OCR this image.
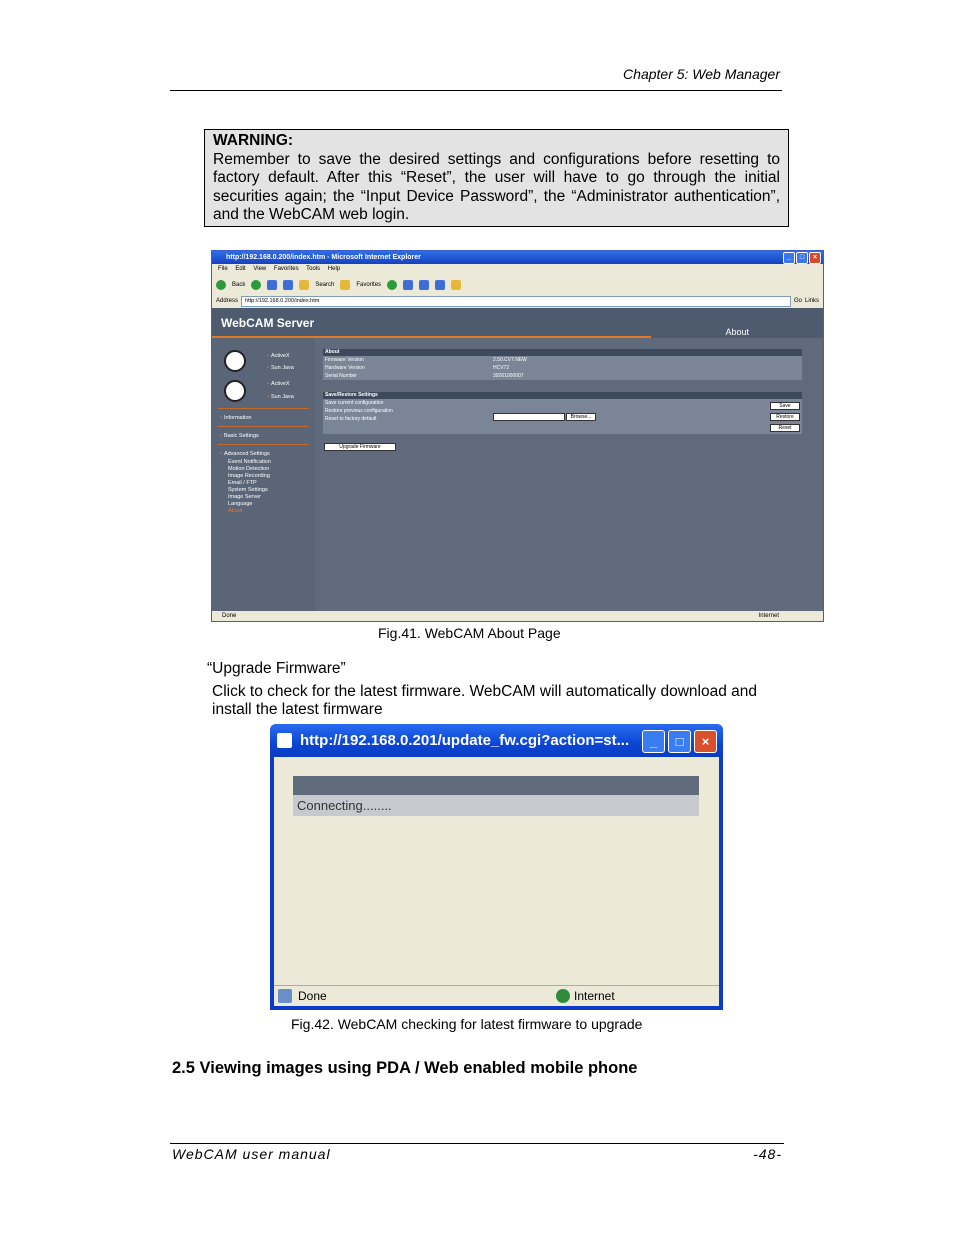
Chapter 5: Web Manager
WARNING:
Remember to save the desired settings and configurations before resetting to factory default. After this “Reset”, the user will have to go through the initial securities again; the “Input Device Password”, the “Administrator authentication”, and the WebCAM web login.
http://192.168.0.200/index.htm - Microsoft Internet Explorer	_	□	×
File Edit View Favorites Tools Help
Back	Search	Favorites
Address	http://192.168.0.200/index.htm	Go Links
WebCAM Server
About
• ActiveX
• Sun Java
• ActiveX
• Sun Java
• Information
• Basic Settings
• Advanced Settings
Event Notification
Motion Detection
Image Recording
Email / FTP
System Settings
Image Server
Language
About
About
Firmware Version	2.50.CV7.NEW
Hardware Version	HCV72
Serial Number	39261000007
Save/Restore Settings
Save current configuration
Restore previous configuration
Reset to factory default
Save
Browse...	Restore
Reset
Upgrade Firmware
Done	Internet
Fig.41. WebCAM About Page
“Upgrade Firmware”
Click to check for the latest firmware. WebCAM will automatically download and
install the latest firmware
http://192.168.0.201/update_fw.cgi?action=st...	_	□	×
Connecting........
Done	Internet
Fig.42. WebCAM checking for latest firmware to upgrade
2.5 Viewing images using PDA / Web enabled mobile phone
WebCAM user manual	-48-
